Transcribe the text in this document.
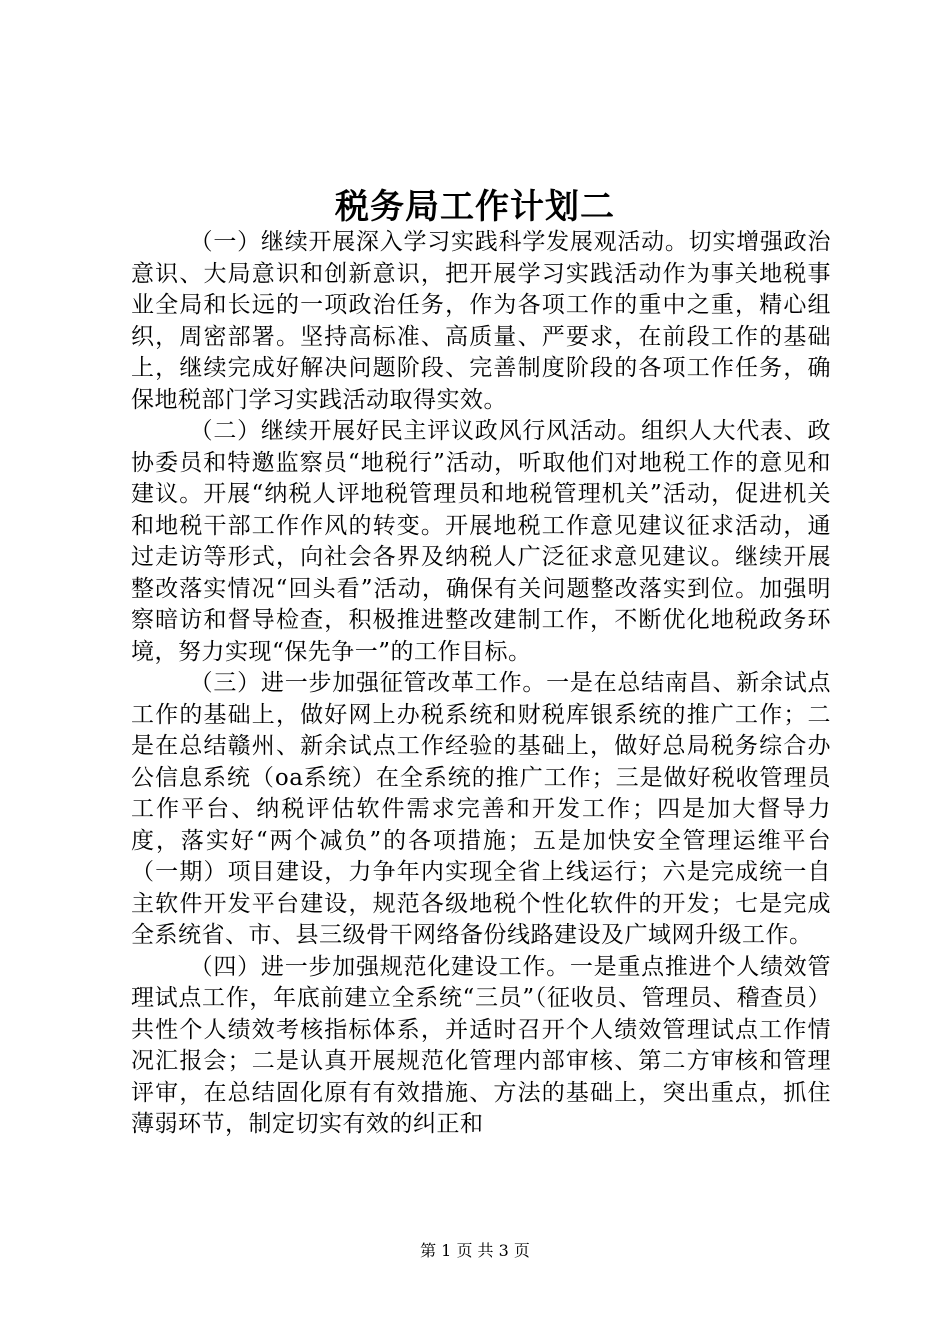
税务局工作计划二

（一）继续开展深入学习实践科学发展观活动。切实增强政治意识、大局意识和创新意识，把开展学习实践活动作为事关地税事业全局和长远的一项政治任务，作为各项工作的重中之重，精心组织，周密部署。坚持高标准、高质量、严要求，在前段工作的基础上，继续完成好解决问题阶段、完善制度阶段的各项工作任务，确保地税部门学习实践活动取得实效。

（二）继续开展好民主评议政风行风活动。组织人大代表、政协委员和特邀监察员“地税行”活动，听取他们对地税工作的意见和建议。开展“纳税人评地税管理员和地税管理机关”活动，促进机关和地税干部工作作风的转变。开展地税工作意见建议征求活动，通过走访等形式，向社会各界及纳税人广泛征求意见建议。继续开展整改落实情况“回头看”活动，确保有关问题整改落实到位。加强明察暗访和督导检查，积极推进整改建制工作，不断优化地税政务环境，努力实现“保先争一”的工作目标。

（三）进一步加强征管改革工作。一是在总结南昌、新余试点工作的基础上，做好网上办税系统和财税库银系统的推广工作；二是在总结赣州、新余试点工作经验的基础上，做好总局税务综合办公信息系统（oa系统）在全系统的推广工作；三是做好税收管理员工作平台、纳税评估软件需求完善和开发工作；四是加大督导力度，落实好“两个减负”的各项措施；五是加快安全管理运维平台（一期）项目建设，力争年内实现全省上线运行；六是完成统一自主软件开发平台建设，规范各级地税个性化软件的开发；七是完成全系统省、市、县三级骨干网络备份线路建设及广域网升级工作。

（四）进一步加强规范化建设工作。一是重点推进个人绩效管理试点工作，年底前建立全系统“三员”（征收员、管理员、稽查员）共性个人绩效考核指标体系，并适时召开个人绩效管理试点工作情况汇报会；二是认真开展规范化管理内部审核、第二方审核和管理评审，在总结固化原有有效措施、方法的基础上，突出重点，抓住薄弱环节，制定切实有效的纠正和

第 1 页 共 3 页
